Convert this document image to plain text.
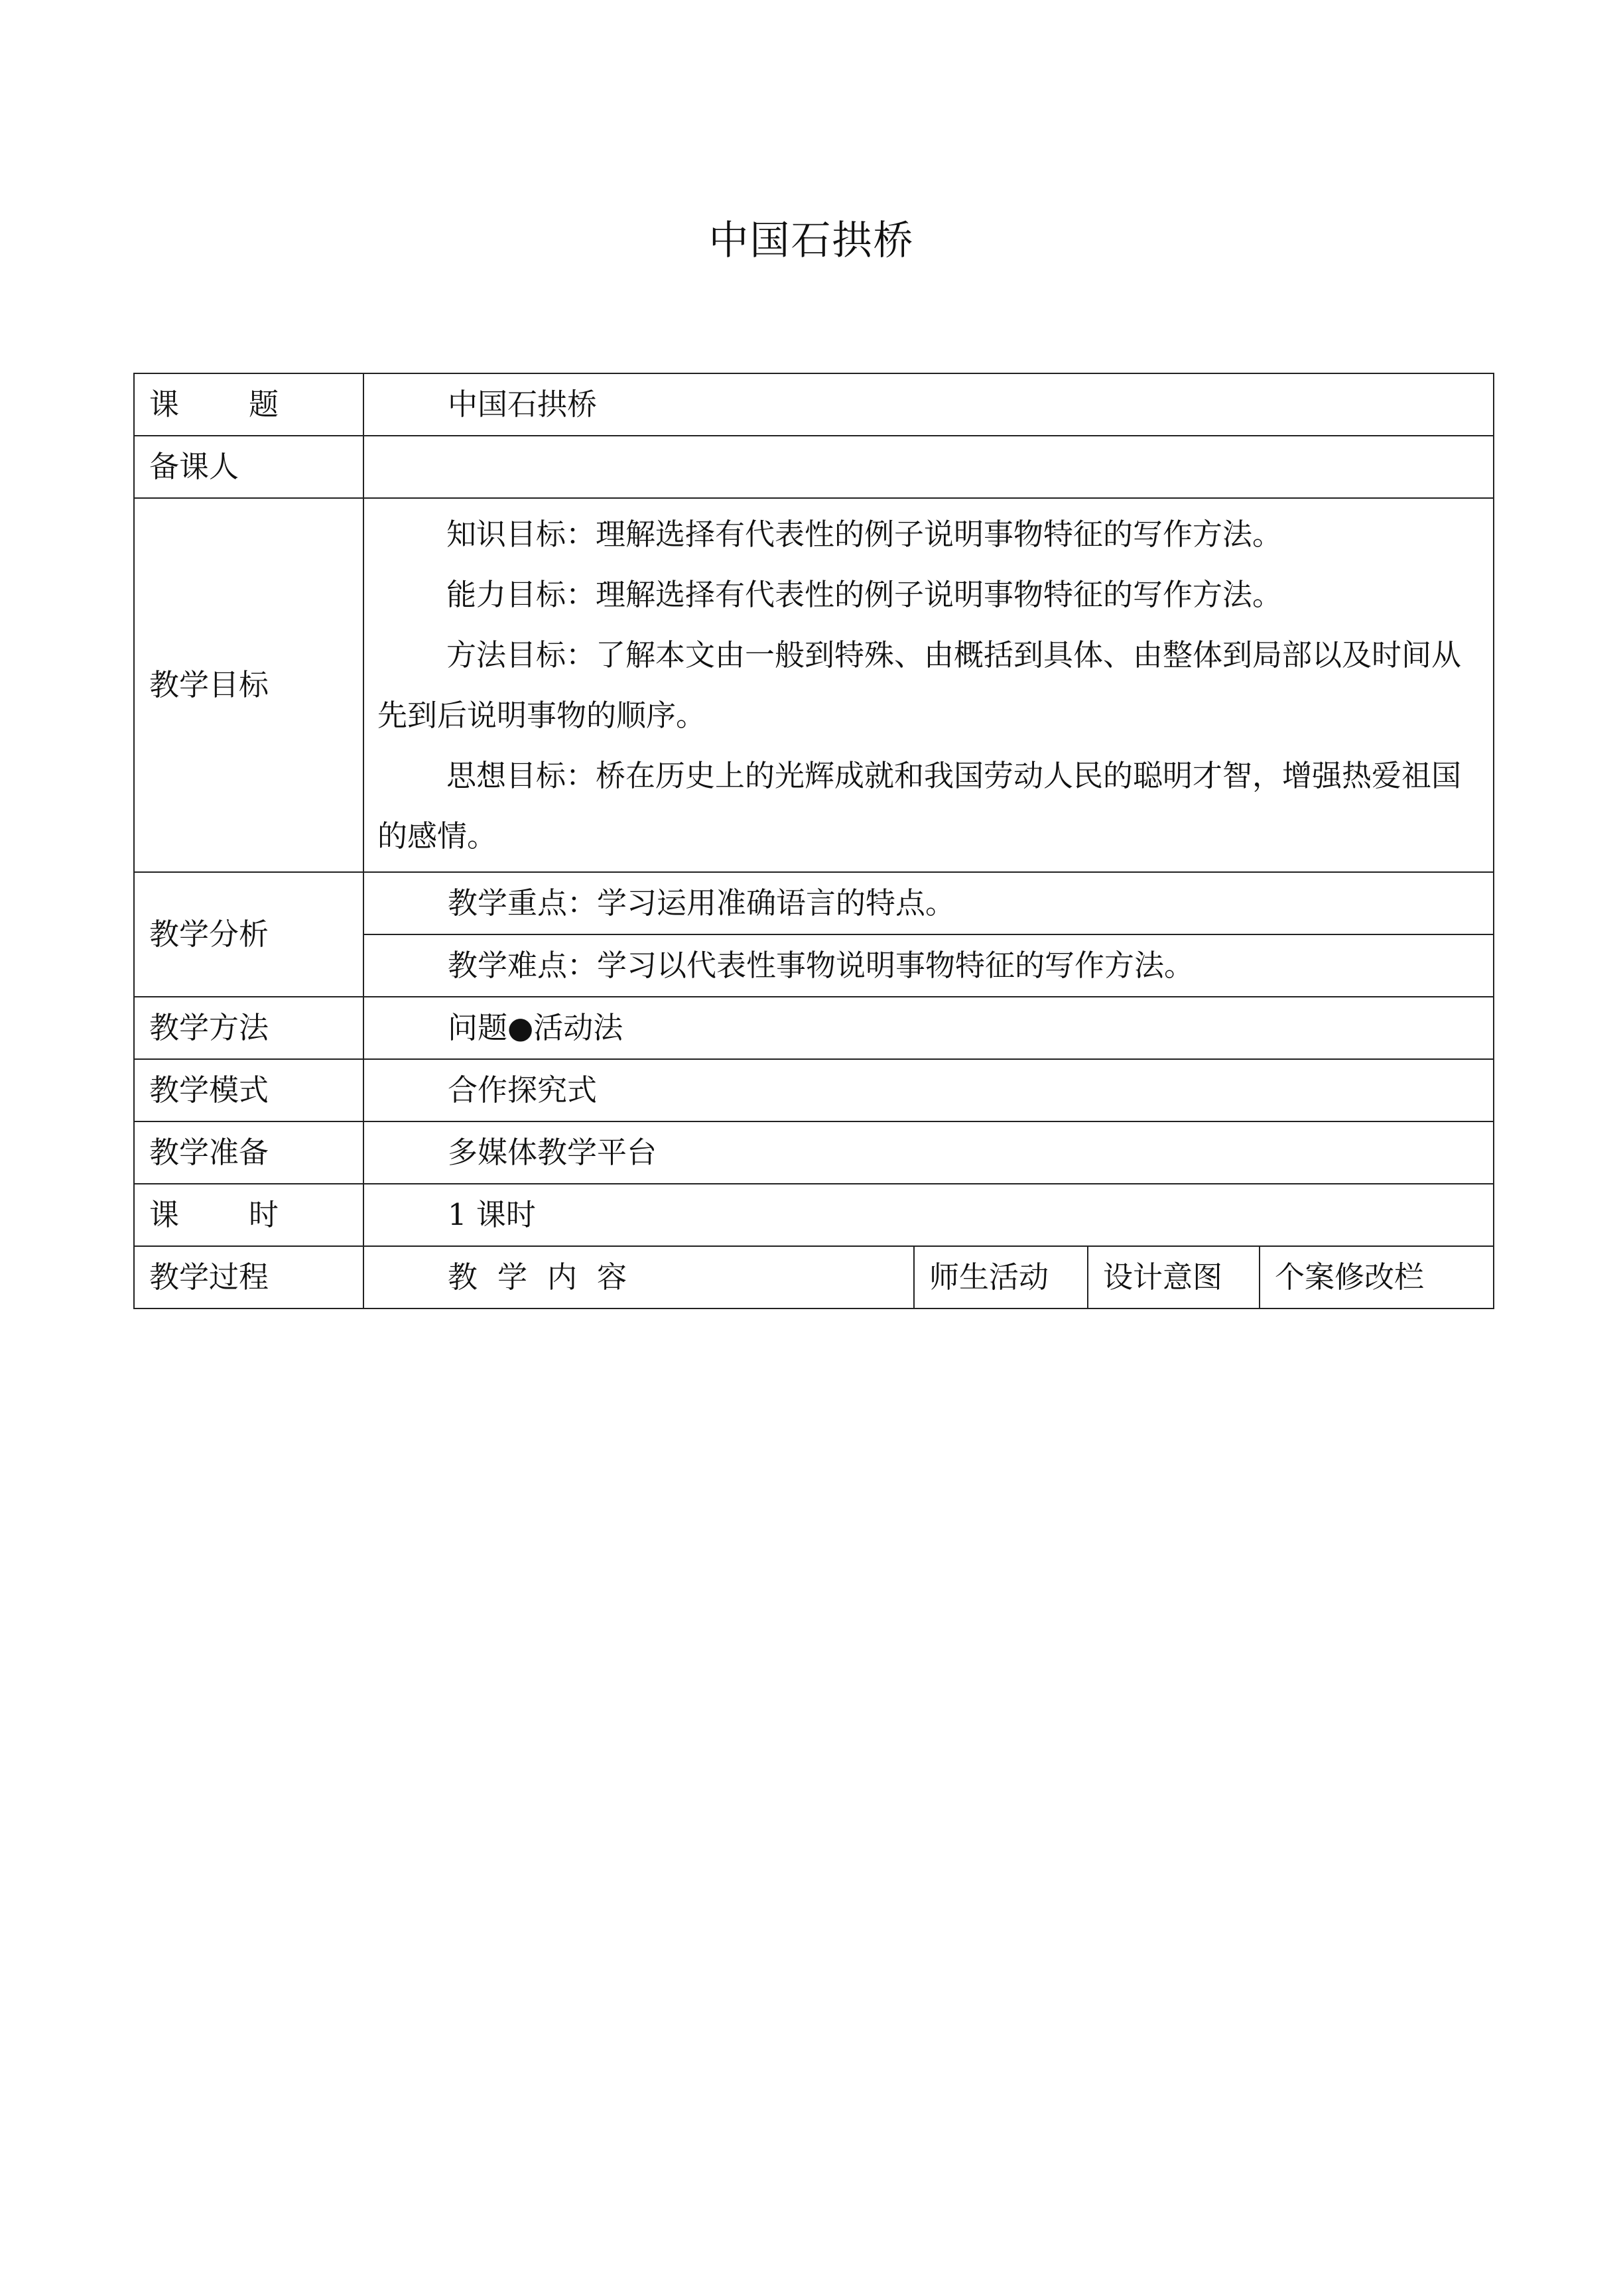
中国石拱桥
课　　题	中国石拱桥			
备课人				
教学目标	知识目标：理解选择有代表性的例子说明事物特征的写作方法。

能力目标：理解选择有代表性的例子说明事物特征的写作方法。

方法目标：了解本文由一般到特殊、由概括到具体、由整体到局部以及时间从先到后说明事物的顺序。

思想目标：桥在历史上的光辉成就和我国劳动人民的聪明才智，增强热爱祖国的感情。			

教学分析	教学重点：学习运用准确语言的特点。			
	教学难点：学习以代表性事物说明事物特征的写作方法。			
教学方法	问题●活动法			
教学模式	合作探究式			
教学准备	多媒体教学平台			
课　　时	1 课时			
教学过程	教学内容	师生活动	设计意图	个案修改栏
